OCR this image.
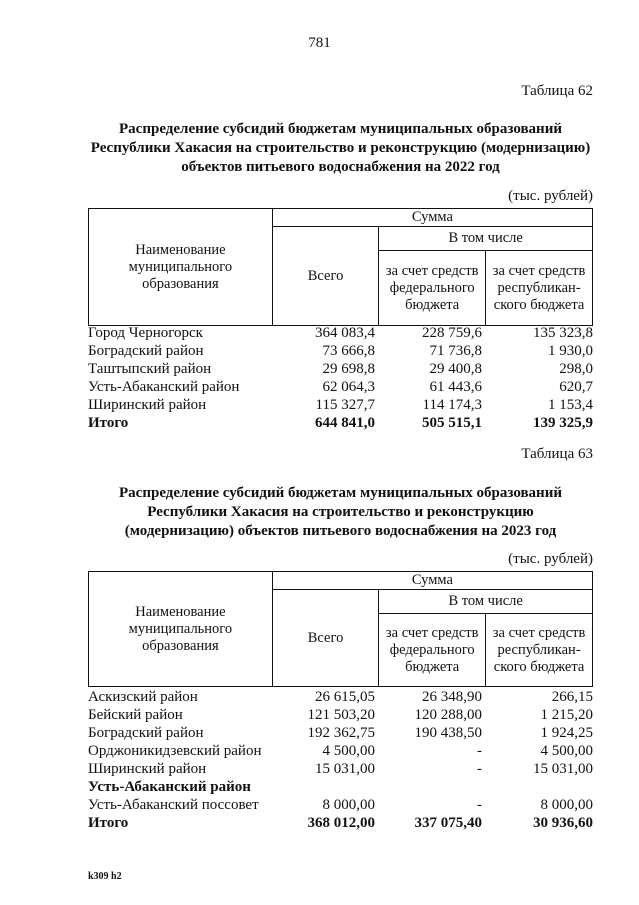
781
Таблица 62
Распределение субсидий бюджетам муниципальных образований
Республики Хакасия на строительство и реконструкцию (модернизацию)
объектов питьевого водоснабжения на 2022 год
(тыс. рублей)
Наименование муниципального образования	Сумма		
	Всего	В том числе	
		за счет средств федерального бюджета	за счет средств республикан-ского бюджета
Город Черногорск	364 083,4	228 759,6	135 323,8
Боградский район	73 666,8	71 736,8	1 930,0
Таштыпский район	29 698,8	29 400,8	298,0
Усть-Абаканский район	62 064,3	61 443,6	620,7
Ширинский район	115 327,7	114 174,3	1 153,4
Итого	644 841,0	505 515,1	139 325,9
Таблица 63
Распределение субсидий бюджетам муниципальных образований
Республики Хакасия на строительство и реконструкцию
(модернизацию) объектов питьевого водоснабжения на 2023 год
(тыс. рублей)
Наименование муниципального образования	Сумма		
	Всего	В том числе	
		за счет средств федерального бюджета	за счет средств республикан-ского бюджета
Аскизский район	26 615,05	26 348,90	266,15
Бейский район	121 503,20	120 288,00	1 215,20
Боградский район	192 362,75	190 438,50	1 924,25
Орджоникидзевский район	4 500,00	-	4 500,00
Ширинский район	15 031,00	-	15 031,00
Усть-Абаканский район
Усть-Абаканский поссовет	8 000,00	-	8 000,00
Итого	368 012,00	337 075,40	30 936,60
k309 h2
